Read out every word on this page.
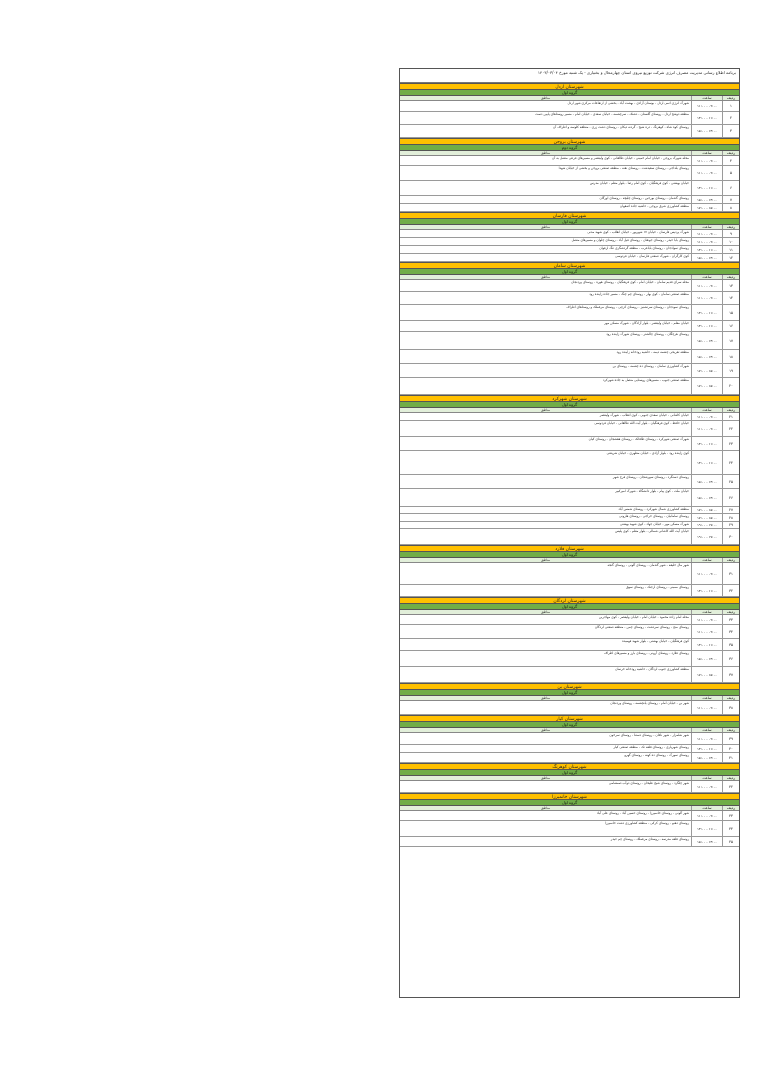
برنامه اطلاع رسانی مدیریت مصرف انرژی شرکت توزیع نیروی استان چهارمحال و بختیاری - یک شنبه مورخ ۱۴۰۳/۰۳/۰۴
شهرستان اردل
گروه اول
ردیف
ساعت
مناطق
۱
۰۹:۰۰ - ۱۱:۰۰
شهرک انرژی اتمی اردل - بوستان آزادی - بهشت آباد - بخشی از ارتفاعات مرکزی شهر اردل
۲
۱۱:۰۰ - ۱۳:۰۰
منطقه دوشخ اردل - روستای گلستان - دشتک - سرچشمه - خیابان سعدی - خیابان امام - مسیر روستاهای پایین دست
۳
۱۳:۰۰ - ۱۵:۰۰
روستای کوه شاه - کوهرنگ - دره شیخ - گردنه دیکان - روستای دشت زری - منطقه کلوسه و اطراف آن
شهرستان بروجن
گروه دوم
ردیف
ساعت
مناطق
۴
۰۹:۰۰ - ۱۱:۰۰
محله شهرک بروجن - خیابان امام خمینی - خیابان طالقانی - کوی ولیعصر و مسیرهای فرعی متصل به آن
۵
۰۹:۰۰ - ۱۱:۰۰
روستای بلداجی - روستای سفیدشت - روستای نقنه - منطقه صنعتی بروجن و بخشی از خیابان شهدا
۶
۱۱:۰۰ - ۱۳:۰۰
خیابان بهشتی - کوی فرهنگیان - کوی امام رضا - بلوار معلم - خیابان مدرس
۷
۱۳:۰۰ - ۱۵:۰۰
روستای گندمان - روستای بورجین - روستای چلیچه - روستای اورگان
۸
۱۵:۰۰ - ۱۷:۰۰
منطقه کشاورزی شرق بروجن - حاشیه جاده اصفهان
شهرستان فارسان
گروه اول
ردیف
ساعت
مناطق
۹
۰۹:۰۰ - ۱۱:۰۰
شهرک پردیس فارسان - خیابان ۱۷ شهریور - خیابان انقلاب - کوی شهید مدنی
۱۰
۰۹:۰۰ - ۱۱:۰۰
روستای بابا حیدر - روستای جونقان - روستای فیل آباد - روستای چلوان و مسیرهای متصل
۱۱
۱۱:۰۰ - ۱۳:۰۰
روستای سوادجان - روستای باباعرب - منطقه گردشگری تنگ ارغوان
۱۲
۱۳:۰۰ - ۱۵:۰۰
کوی کارگران - شهرک صنعتی فارسان - خیابان فردوسی
شهرستان سامان
گروه اول
ردیف
ساعت
مناطق
۱۳
۰۹:۰۰ - ۱۱:۰۰
محله سرای قدیم سامان - خیابان امام - کوی فرهنگیان - روستای هوره - روستای وردنجان
۱۴
۰۹:۰۰ - ۱۱:۰۰
منطقه صنعتی سامان - کوی بهار - روستای چم چنگ - مسیر جاده زاینده رود
۱۵
۱۱:۰۰ - ۱۳:۰۰
روستای سودجان - روستای سرتشنیز - روستای کرچی - روستای مرغملک و روستاهای اطراف
۱۶
۱۱:۰۰ - ۱۳:۰۰
خیابان معلم - خیابان ولیعصر - بلوار آزادگان - شهرک مسکن مهر
۱۷
۱۳:۰۰ - ۱۵:۰۰
روستای هرچگان - روستای چالشتر - روستای شهرک زاینده رود
۱۸
۱۳:۰۰ - ۱۵:۰۰
منطقه تفریحی چشمه دیمه - حاشیه رودخانه زاینده رود
۱۹
۱۵:۰۰ - ۱۷:۰۰
شهرک کشاورزی سامان - روستای ده چشمه - روستای بن
۲۰
۱۵:۰۰ - ۱۷:۰۰
منطقه صنعتی جنوب - مسیرهای روستایی متصل به جاده شهرکرد
شهرستان شهرکرد
گروه اول
ردیف
ساعت
مناطق
۲۱
۰۹:۰۰ - ۱۱:۰۰
خیابان کاشانی - خیابان سعدی جنوبی - کوی انقلاب - شهرک ولیعصر
۲۲
۰۹:۰۰ - ۱۱:۰۰
خیابان حافظ - کوی فرهنگیان - بلوار آیت الله طالقانی - خیابان فردوسی
۲۳
۱۱:۰۰ - ۱۳:۰۰
شهرک صنعتی شهرکرد - روستای طاقانک - روستای هفشجان - روستای کیان
۲۴
۱۱:۰۰ - ۱۳:۰۰
کوی زاینده رود - بلوار آزادی - خیابان مطهری - خیابان شریعتی
۲۵
۱۳:۰۰ - ۱۵:۰۰
روستای دستگرد - روستای سورشجان - روستای فرخ شهر
۲۶
۱۳:۰۰ - ۱۵:۰۰
خیابان ملت - کوی پیام - بلوار دانشگاه - شهرک امیرکبیر
۲۷
۱۵:۰۰ - ۱۷:۰۰
منطقه کشاورزی شمال شهرکرد - روستای شمس آباد
۲۸
۱۵:۰۰ - ۱۷:۰۰
روستای سامانیان - روستای خراجی - روستای هارونی
۲۹
۱۷:۰۰ - ۱۹:۰۰
شهرک مسکن مهر - خیابان جهاد - کوی شهید بهشتی
۳۰
۱۷:۰۰ - ۱۹:۰۰
خیابان آیت الله کاشانی شمالی - بلوار معلم - کوی پلیس
شهرستان فلارد
گروه اول
ردیف
ساعت
مناطق
۳۱
۰۹:۰۰ - ۱۱:۰۰
شهر مال خلیفه - شهر گندمان - روستای آلونی - روستای گنجه
۳۲
۱۱:۰۰ - ۱۳:۰۰
روستای ممبنی - روستای ارجنک - روستای سوق
شهرستان لردگان
گروه اول
ردیف
ساعت
مناطق
۳۳
۰۹:۰۰ - ۱۱:۰۰
محله امام زاده محمود - خیابان امام - خیابان ولیعصر - کوی مهاجرین
۳۴
۰۹:۰۰ - ۱۱:۰۰
روستای منج - روستای سردشت - روستای چمن - منطقه صنعتی لردگان
۳۵
۱۱:۰۰ - ۱۳:۰۰
کوی فرهنگیان - خیابان بهشتی - بلوار شهید فهمیده
۳۶
۱۳:۰۰ - ۱۵:۰۰
روستای فلارد - روستای آرونی - روستای بارز و مسیرهای اطراف
۳۷
۱۵:۰۰ - ۱۷:۰۰
منطقه کشاورزی جنوب لردگان - حاشیه رودخانه خرسان
شهرستان بن
گروه اول
ردیف
ساعت
مناطق
۳۸
۰۹:۰۰ - ۱۱:۰۰
شهر بن - خیابان امام - روستای یانچشمه - روستای وردنجان
شهرستان کیار
گروه اول
ردیف
ساعت
مناطق
۳۹
۰۹:۰۰ - ۱۱:۰۰
شهر شلمزار - شهر ناغان - روستای دستنا - روستای سرخون
۴۰
۱۱:۰۰ - ۱۳:۰۰
روستای شهریاری - روستای قلعه تک - منطقه صنعتی کیار
۴۱
۱۳:۰۰ - ۱۵:۰۰
روستای سورک - روستای ده کهنه - روستای گهرو
شهرستان کوهرنگ
گروه اول
ردیف
ساعت
مناطق
۴۲
۰۹:۰۰ - ۱۱:۰۰
شهر چلگرد - روستای شیخ علیخان - روستای دوآب صمصامی
شهرستان خانمیرزا
گروه اول
ردیف
ساعت
مناطق
۴۳
۰۹:۰۰ - ۱۱:۰۰
شهر آلونی - روستای خانمیرزا - روستای حسین آباد - روستای علی آباد
۴۴
۱۱:۰۰ - ۱۳:۰۰
روستای دهنو - روستای کرکی - منطقه کشاورزی دشت خانمیرزا
۴۵
۱۳:۰۰ - ۱۵:۰۰
روستای قلعه مدرسه - روستای مرغملک - روستای چم حیدر
